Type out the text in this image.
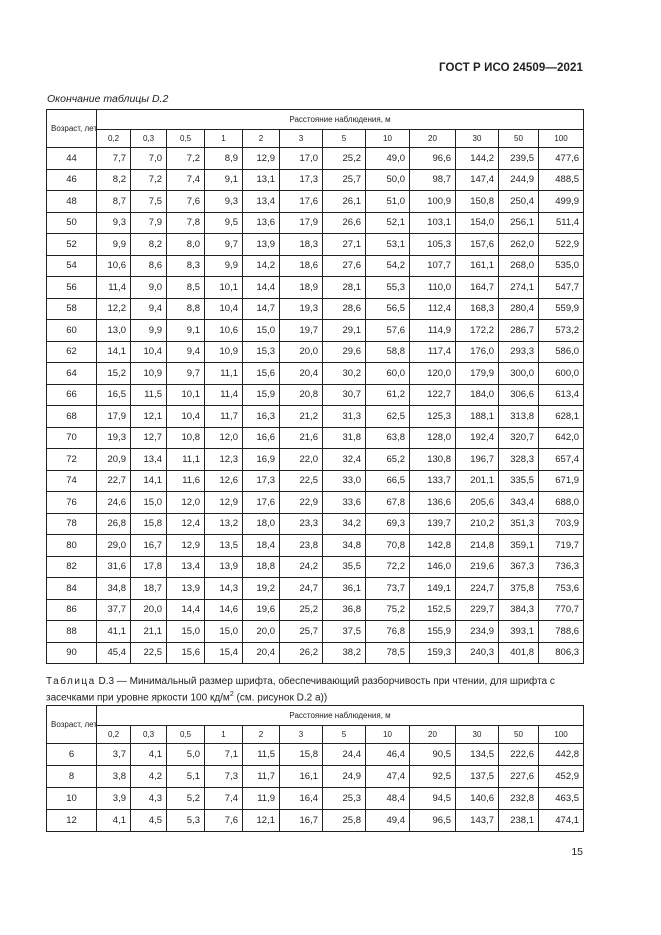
ГОСТ Р ИСО 24509—2021
Окончание таблицы D.2
Возраст, лет	Расстояние наблюдения, м											
	0,2	0,3	0,5	1	2	3	5	10	20	30	50	100
44	7,7	7,0	7,2	8,9	12,9	17,0	25,2	49,0	96,6	144,2	239,5	477,6
46	8,2	7,2	7,4	9,1	13,1	17,3	25,7	50,0	98,7	147,4	244,9	488,5
48	8,7	7,5	7,6	9,3	13,4	17,6	26,1	51,0	100,9	150,8	250,4	499,9
50	9,3	7,9	7,8	9,5	13,6	17,9	26,6	52,1	103,1	154,0	256,1	511,4
52	9,9	8,2	8,0	9,7	13,9	18,3	27,1	53,1	105,3	157,6	262,0	522,9
54	10,6	8,6	8,3	9,9	14,2	18,6	27,6	54,2	107,7	161,1	268,0	535,0
56	11,4	9,0	8,5	10,1	14,4	18,9	28,1	55,3	110,0	164,7	274,1	547,7
58	12,2	9,4	8,8	10,4	14,7	19,3	28,6	56,5	112,4	168,3	280,4	559,9
60	13,0	9,9	9,1	10,6	15,0	19,7	29,1	57,6	114,9	172,2	286,7	573,2
62	14,1	10,4	9,4	10,9	15,3	20,0	29,6	58,8	117,4	176,0	293,3	586,0
64	15,2	10,9	9,7	11,1	15,6	20,4	30,2	60,0	120,0	179,9	300,0	600,0
66	16,5	11,5	10,1	11,4	15,9	20,8	30,7	61,2	122,7	184,0	306,6	613,4
68	17,9	12,1	10,4	11,7	16,3	21,2	31,3	62,5	125,3	188,1	313,8	628,1
70	19,3	12,7	10,8	12,0	16,6	21,6	31,8	63,8	128,0	192,4	320,7	642,0
72	20,9	13,4	11,1	12,3	16,9	22,0	32,4	65,2	130,8	196,7	328,3	657,4
74	22,7	14,1	11,6	12,6	17,3	22,5	33,0	66,5	133,7	201,1	335,5	671,9
76	24,6	15,0	12,0	12,9	17,6	22,9	33,6	67,8	136,6	205,6	343,4	688,0
78	26,8	15,8	12,4	13,2	18,0	23,3	34,2	69,3	139,7	210,2	351,3	703,9
80	29,0	16,7	12,9	13,5	18,4	23,8	34,8	70,8	142,8	214,8	359,1	719,7
82	31,6	17,8	13,4	13,9	18,8	24,2	35,5	72,2	146,0	219,6	367,3	736,3
84	34,8	18,7	13,9	14,3	19,2	24,7	36,1	73,7	149,1	224,7	375,8	753,6
86	37,7	20,0	14,4	14,6	19,6	25,2	36,8	75,2	152,5	229,7	384,3	770,7
88	41,1	21,1	15,0	15,0	20,0	25,7	37,5	76,8	155,9	234,9	393,1	788,6
90	45,4	22,5	15,6	15,4	20,4	26,2	38,2	78,5	159,3	240,3	401,8	806,3
Таблица D.3 — Минимальный размер шрифта, обеспечивающий разборчивость при чтении, для шрифта с засечками при уровне яркости 100 $кд/м^2$ (см. рисунок D.2 а))
Возраст, лет	Расстояние наблюдения, м											
	0,2	0,3	0,5	1	2	3	5	10	20	30	50	100
6	3,7	4,1	5,0	7,1	11,5	15,8	24,4	46,4	90,5	134,5	222,6	442,8
8	3,8	4,2	5,1	7,3	11,7	16,1	24,9	47,4	92,5	137,5	227,6	452,9
10	3,9	4,3	5,2	7,4	11,9	16,4	25,3	48,4	94,5	140,6	232,8	463,5
12	4,1	4,5	5,3	7,6	12,1	16,7	25,8	49,4	96,5	143,7	238,1	474,1
15
